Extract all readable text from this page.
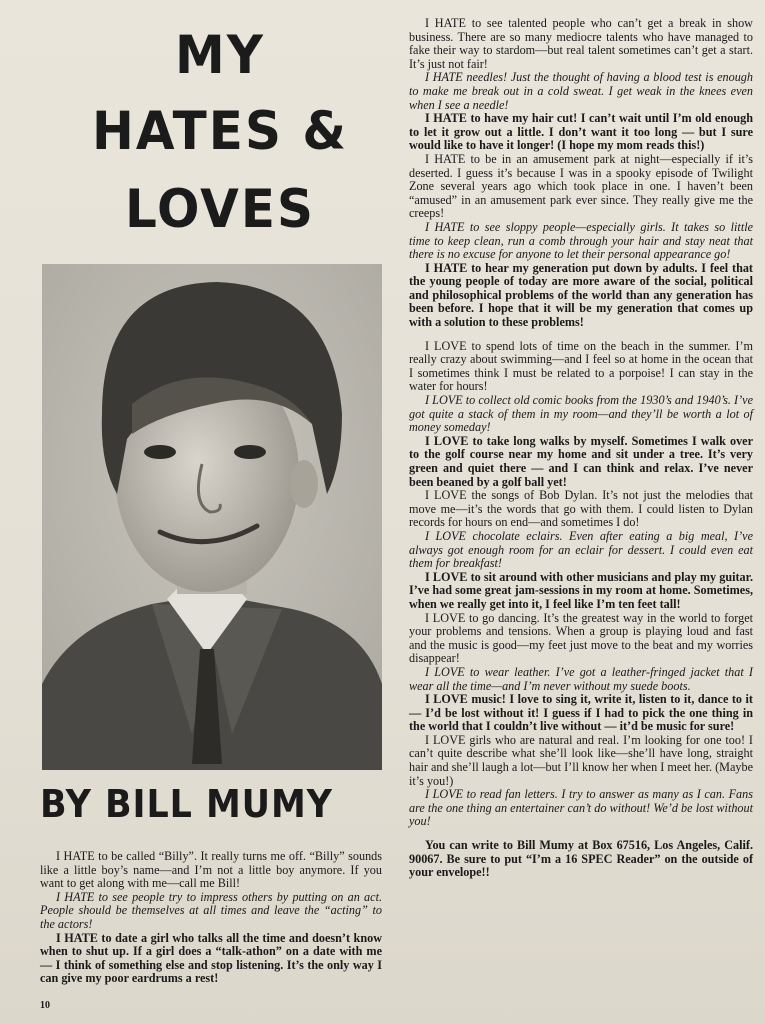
MY
HATES &
LOVES
BY BILL MUMY

I HATE to be called “Billy”. It really turns me off. “Billy” sounds like a little boy’s name—and I’m not a little boy anymore. If you want to get along with me—call me Bill!

I HATE to see people try to impress others by putting on an act. People should be themselves at all times and leave the “acting” to the actors!

I HATE to date a girl who talks all the time and doesn’t know when to shut up. If a girl does a “talk-athon” on a date with me — I think of something else and stop listening. It’s the only way I can give my poor eardrums a rest!

I HATE to see talented people who can’t get a break in show business. There are so many mediocre talents who have managed to fake their way to stardom—but real talent sometimes can’t get a start. It’s just not fair!

I HATE needles! Just the thought of having a blood test is enough to make me break out in a cold sweat. I get weak in the knees even when I see a needle!

I HATE to have my hair cut! I can’t wait until I’m old enough to let it grow out a little. I don’t want it too long — but I sure would like to have it longer! (I hope my mom reads this!)

I HATE to be in an amusement park at night—especially if it’s deserted. I guess it’s because I was in a spooky episode of Twilight Zone several years ago which took place in one. I haven’t been “amused” in an amusement park ever since. They really give me the creeps!

I HATE to see sloppy people—especially girls. It takes so little time to keep clean, run a comb through your hair and stay neat that there is no excuse for anyone to let their personal appearance go!

I HATE to hear my generation put down by adults. I feel that the young people of today are more aware of the social, political and philosophical problems of the world than any generation has been before. I hope that it will be my generation that comes up with a solution to these problems!

I LOVE to spend lots of time on the beach in the summer. I’m really crazy about swimming—and I feel so at home in the ocean that I sometimes think I must be related to a porpoise! I can stay in the water for hours!

I LOVE to collect old comic books from the 1930’s and 1940’s. I’ve got quite a stack of them in my room—and they’ll be worth a lot of money someday!

I LOVE to take long walks by myself. Sometimes I walk over to the golf course near my home and sit under a tree. It’s very green and quiet there — and I can think and relax. I’ve never been beaned by a golf ball yet!

I LOVE the songs of Bob Dylan. It’s not just the melodies that move me—it’s the words that go with them. I could listen to Dylan records for hours on end—and sometimes I do!

I LOVE chocolate eclairs. Even after eating a big meal, I’ve always got enough room for an eclair for dessert. I could even eat them for breakfast!

I LOVE to sit around with other musicians and play my guitar. I’ve had some great jam-sessions in my room at home. Sometimes, when we really get into it, I feel like I’m ten feet tall!

I LOVE to go dancing. It’s the greatest way in the world to forget your problems and tensions. When a group is playing loud and fast and the music is good—my feet just move to the beat and my worries disappear!

I LOVE to wear leather. I’ve got a leather-fringed jacket that I wear all the time—and I’m never without my suede boots.

I LOVE music! I love to sing it, write it, listen to it, dance to it — I’d be lost without it! I guess if I had to pick the one thing in the world that I couldn’t live without — it’d be music for sure!

I LOVE girls who are natural and real. I’m looking for one too! I can’t quite describe what she’ll look like—she’ll have long, straight hair and she’ll laugh a lot—but I’ll know her when I meet her. (Maybe it’s you!)

I LOVE to read fan letters. I try to answer as many as I can. Fans are the one thing an entertainer can’t do without! We’d be lost without you!

You can write to Bill Mumy at Box 67516, Los Angeles, Calif. 90067. Be sure to put “I’m a 16 SPEC Reader” on the outside of your envelope!!

10
